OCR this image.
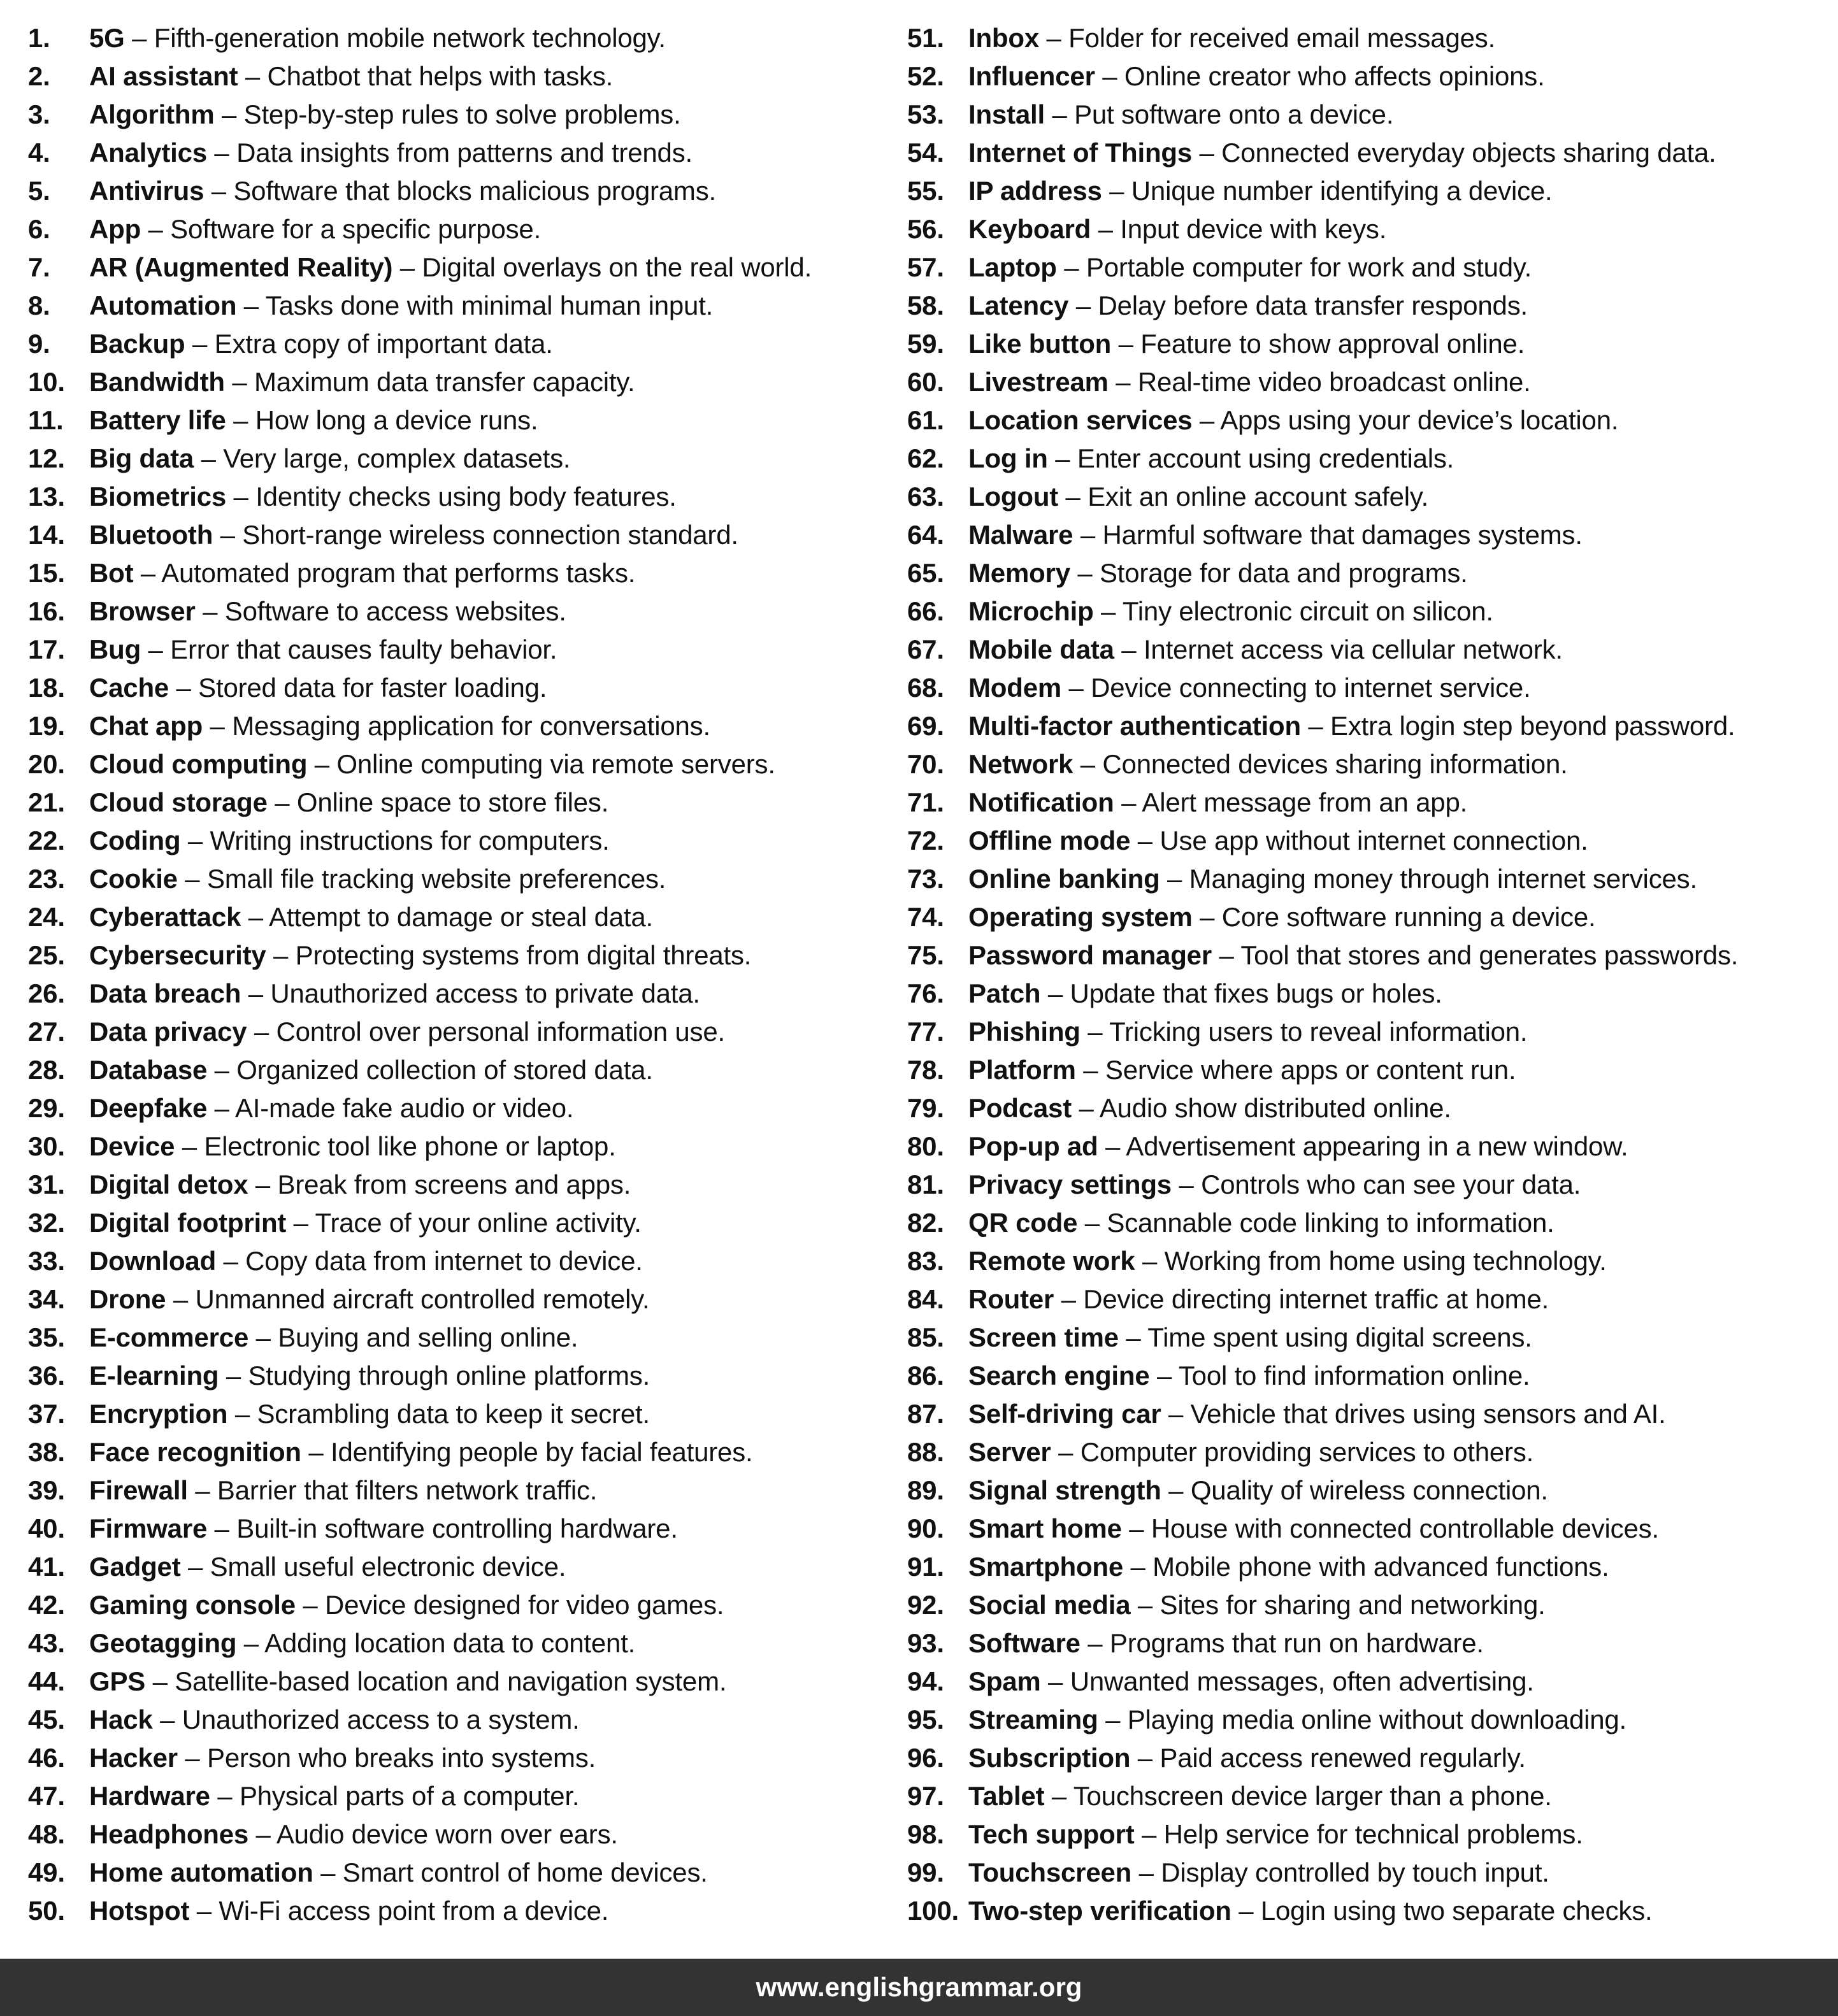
1. 5G – Fifth-generation mobile network technology.
2. AI assistant – Chatbot that helps with tasks.
3. Algorithm – Step-by-step rules to solve problems.
4. Analytics – Data insights from patterns and trends.
5. Antivirus – Software that blocks malicious programs.
6. App – Software for a specific purpose.
7. AR (Augmented Reality) – Digital overlays on the real world.
8. Automation – Tasks done with minimal human input.
9. Backup – Extra copy of important data.
10. Bandwidth – Maximum data transfer capacity.
11. Battery life – How long a device runs.
12. Big data – Very large, complex datasets.
13. Biometrics – Identity checks using body features.
14. Bluetooth – Short-range wireless connection standard.
15. Bot – Automated program that performs tasks.
16. Browser – Software to access websites.
17. Bug – Error that causes faulty behavior.
18. Cache – Stored data for faster loading.
19. Chat app – Messaging application for conversations.
20. Cloud computing – Online computing via remote servers.
21. Cloud storage – Online space to store files.
22. Coding – Writing instructions for computers.
23. Cookie – Small file tracking website preferences.
24. Cyberattack – Attempt to damage or steal data.
25. Cybersecurity – Protecting systems from digital threats.
26. Data breach – Unauthorized access to private data.
27. Data privacy – Control over personal information use.
28. Database – Organized collection of stored data.
29. Deepfake – AI-made fake audio or video.
30. Device – Electronic tool like phone or laptop.
31. Digital detox – Break from screens and apps.
32. Digital footprint – Trace of your online activity.
33. Download – Copy data from internet to device.
34. Drone – Unmanned aircraft controlled remotely.
35. E-commerce – Buying and selling online.
36. E-learning – Studying through online platforms.
37. Encryption – Scrambling data to keep it secret.
38. Face recognition – Identifying people by facial features.
39. Firewall – Barrier that filters network traffic.
40. Firmware – Built-in software controlling hardware.
41. Gadget – Small useful electronic device.
42. Gaming console – Device designed for video games.
43. Geotagging – Adding location data to content.
44. GPS – Satellite-based location and navigation system.
45. Hack – Unauthorized access to a system.
46. Hacker – Person who breaks into systems.
47. Hardware – Physical parts of a computer.
48. Headphones – Audio device worn over ears.
49. Home automation – Smart control of home devices.
50. Hotspot – Wi-Fi access point from a device.
51. Inbox – Folder for received email messages.
52. Influencer – Online creator who affects opinions.
53. Install – Put software onto a device.
54. Internet of Things – Connected everyday objects sharing data.
55. IP address – Unique number identifying a device.
56. Keyboard – Input device with keys.
57. Laptop – Portable computer for work and study.
58. Latency – Delay before data transfer responds.
59. Like button – Feature to show approval online.
60. Livestream – Real-time video broadcast online.
61. Location services – Apps using your device’s location.
62. Log in – Enter account using credentials.
63. Logout – Exit an online account safely.
64. Malware – Harmful software that damages systems.
65. Memory – Storage for data and programs.
66. Microchip – Tiny electronic circuit on silicon.
67. Mobile data – Internet access via cellular network.
68. Modem – Device connecting to internet service.
69. Multi-factor authentication – Extra login step beyond password.
70. Network – Connected devices sharing information.
71. Notification – Alert message from an app.
72. Offline mode – Use app without internet connection.
73. Online banking – Managing money through internet services.
74. Operating system – Core software running a device.
75. Password manager – Tool that stores and generates passwords.
76. Patch – Update that fixes bugs or holes.
77. Phishing – Tricking users to reveal information.
78. Platform – Service where apps or content run.
79. Podcast – Audio show distributed online.
80. Pop-up ad – Advertisement appearing in a new window.
81. Privacy settings – Controls who can see your data.
82. QR code – Scannable code linking to information.
83. Remote work – Working from home using technology.
84. Router – Device directing internet traffic at home.
85. Screen time – Time spent using digital screens.
86. Search engine – Tool to find information online.
87. Self-driving car – Vehicle that drives using sensors and AI.
88. Server – Computer providing services to others.
89. Signal strength – Quality of wireless connection.
90. Smart home – House with connected controllable devices.
91. Smartphone – Mobile phone with advanced functions.
92. Social media – Sites for sharing and networking.
93. Software – Programs that run on hardware.
94. Spam – Unwanted messages, often advertising.
95. Streaming – Playing media online without downloading.
96. Subscription – Paid access renewed regularly.
97. Tablet – Touchscreen device larger than a phone.
98. Tech support – Help service for technical problems.
99. Touchscreen – Display controlled by touch input.
100. Two-step verification – Login using two separate checks.
www.englishgrammar.org
